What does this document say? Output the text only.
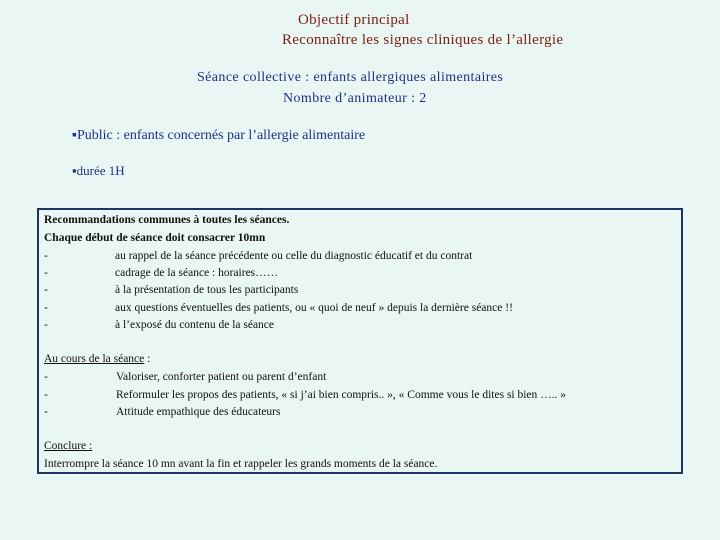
Objectif principal
Reconnaître les signes cliniques de l’allergie
Séance collective : enfants allergiques alimentaires
Nombre d’animateur : 2
▪Public : enfants concernés par l’allergie alimentaire
▪durée 1H
Recommandations communes à toutes les séances.
Chaque début de séance doit consacrer 10mn
-	au rappel de la séance précédente ou celle du diagnostic éducatif et du contrat
-	cadrage de la séance : horaires……
-	à la présentation de tous les participants
-	aux questions éventuelles des patients, ou « quoi de neuf » depuis la dernière séance !!
-	à l’exposé du contenu de la séance
Au cours de la séance :
-	Valoriser, conforter patient ou parent d’enfant
-	Reformuler les propos des patients, « si j’ai bien compris.. », « Comme vous le dites si bien ….. »
-	Attitude empathique des éducateurs
Conclure :
Interrompre la séance 10 mn avant la fin et rappeler les grands moments de la séance.
